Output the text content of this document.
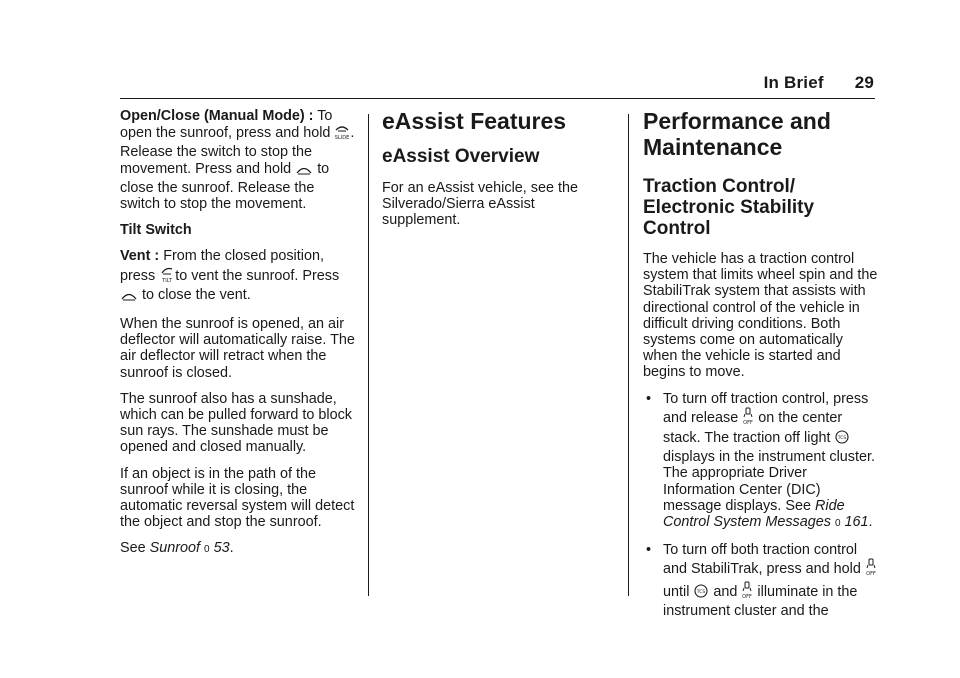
In Brief 29

Open/Close (Manual Mode) : To open the sunroof, press and hold SLIDE . Release the switch to stop the movement. Press and hold to close the sunroof. Release the switch to stop the movement.

Tilt Switch

Vent : From the closed position, press TILT to vent the sunroof. Press  to close the vent.

When the sunroof is opened, an air deflector will automatically raise. The air deflector will retract when the sunroof is closed.

The sunroof also has a sunshade, which can be pulled forward to block sun rays. The sunshade must be opened and closed manually.

If an object is in the path of the sunroof while it is closing, the automatic reversal system will detect the object and stop the sunroof.

See Sunroof 0 53.

eAssist Features
eAssist Overview

For an eAssist vehicle, see the Silverado/Sierra eAssist supplement.

Performance and Maintenance
Traction Control/ Electronic Stability Control

The vehicle has a traction control system that limits wheel spin and the StabiliTrak system that assists with directional control of the vehicle in difficult driving conditions. Both systems come on automatically when the vehicle is started and begins to move.

• To turn off traction control, press and release OFF on the center stack. The traction off light TCS
displays in the instrument cluster. The appropriate Driver Information Center (DIC) message displays. See Ride Control System Messages 0 161.
• To turn off both traction control and StabiliTrak, press and hold OFF
until TCS and OFF illuminate in the instrument cluster and the
